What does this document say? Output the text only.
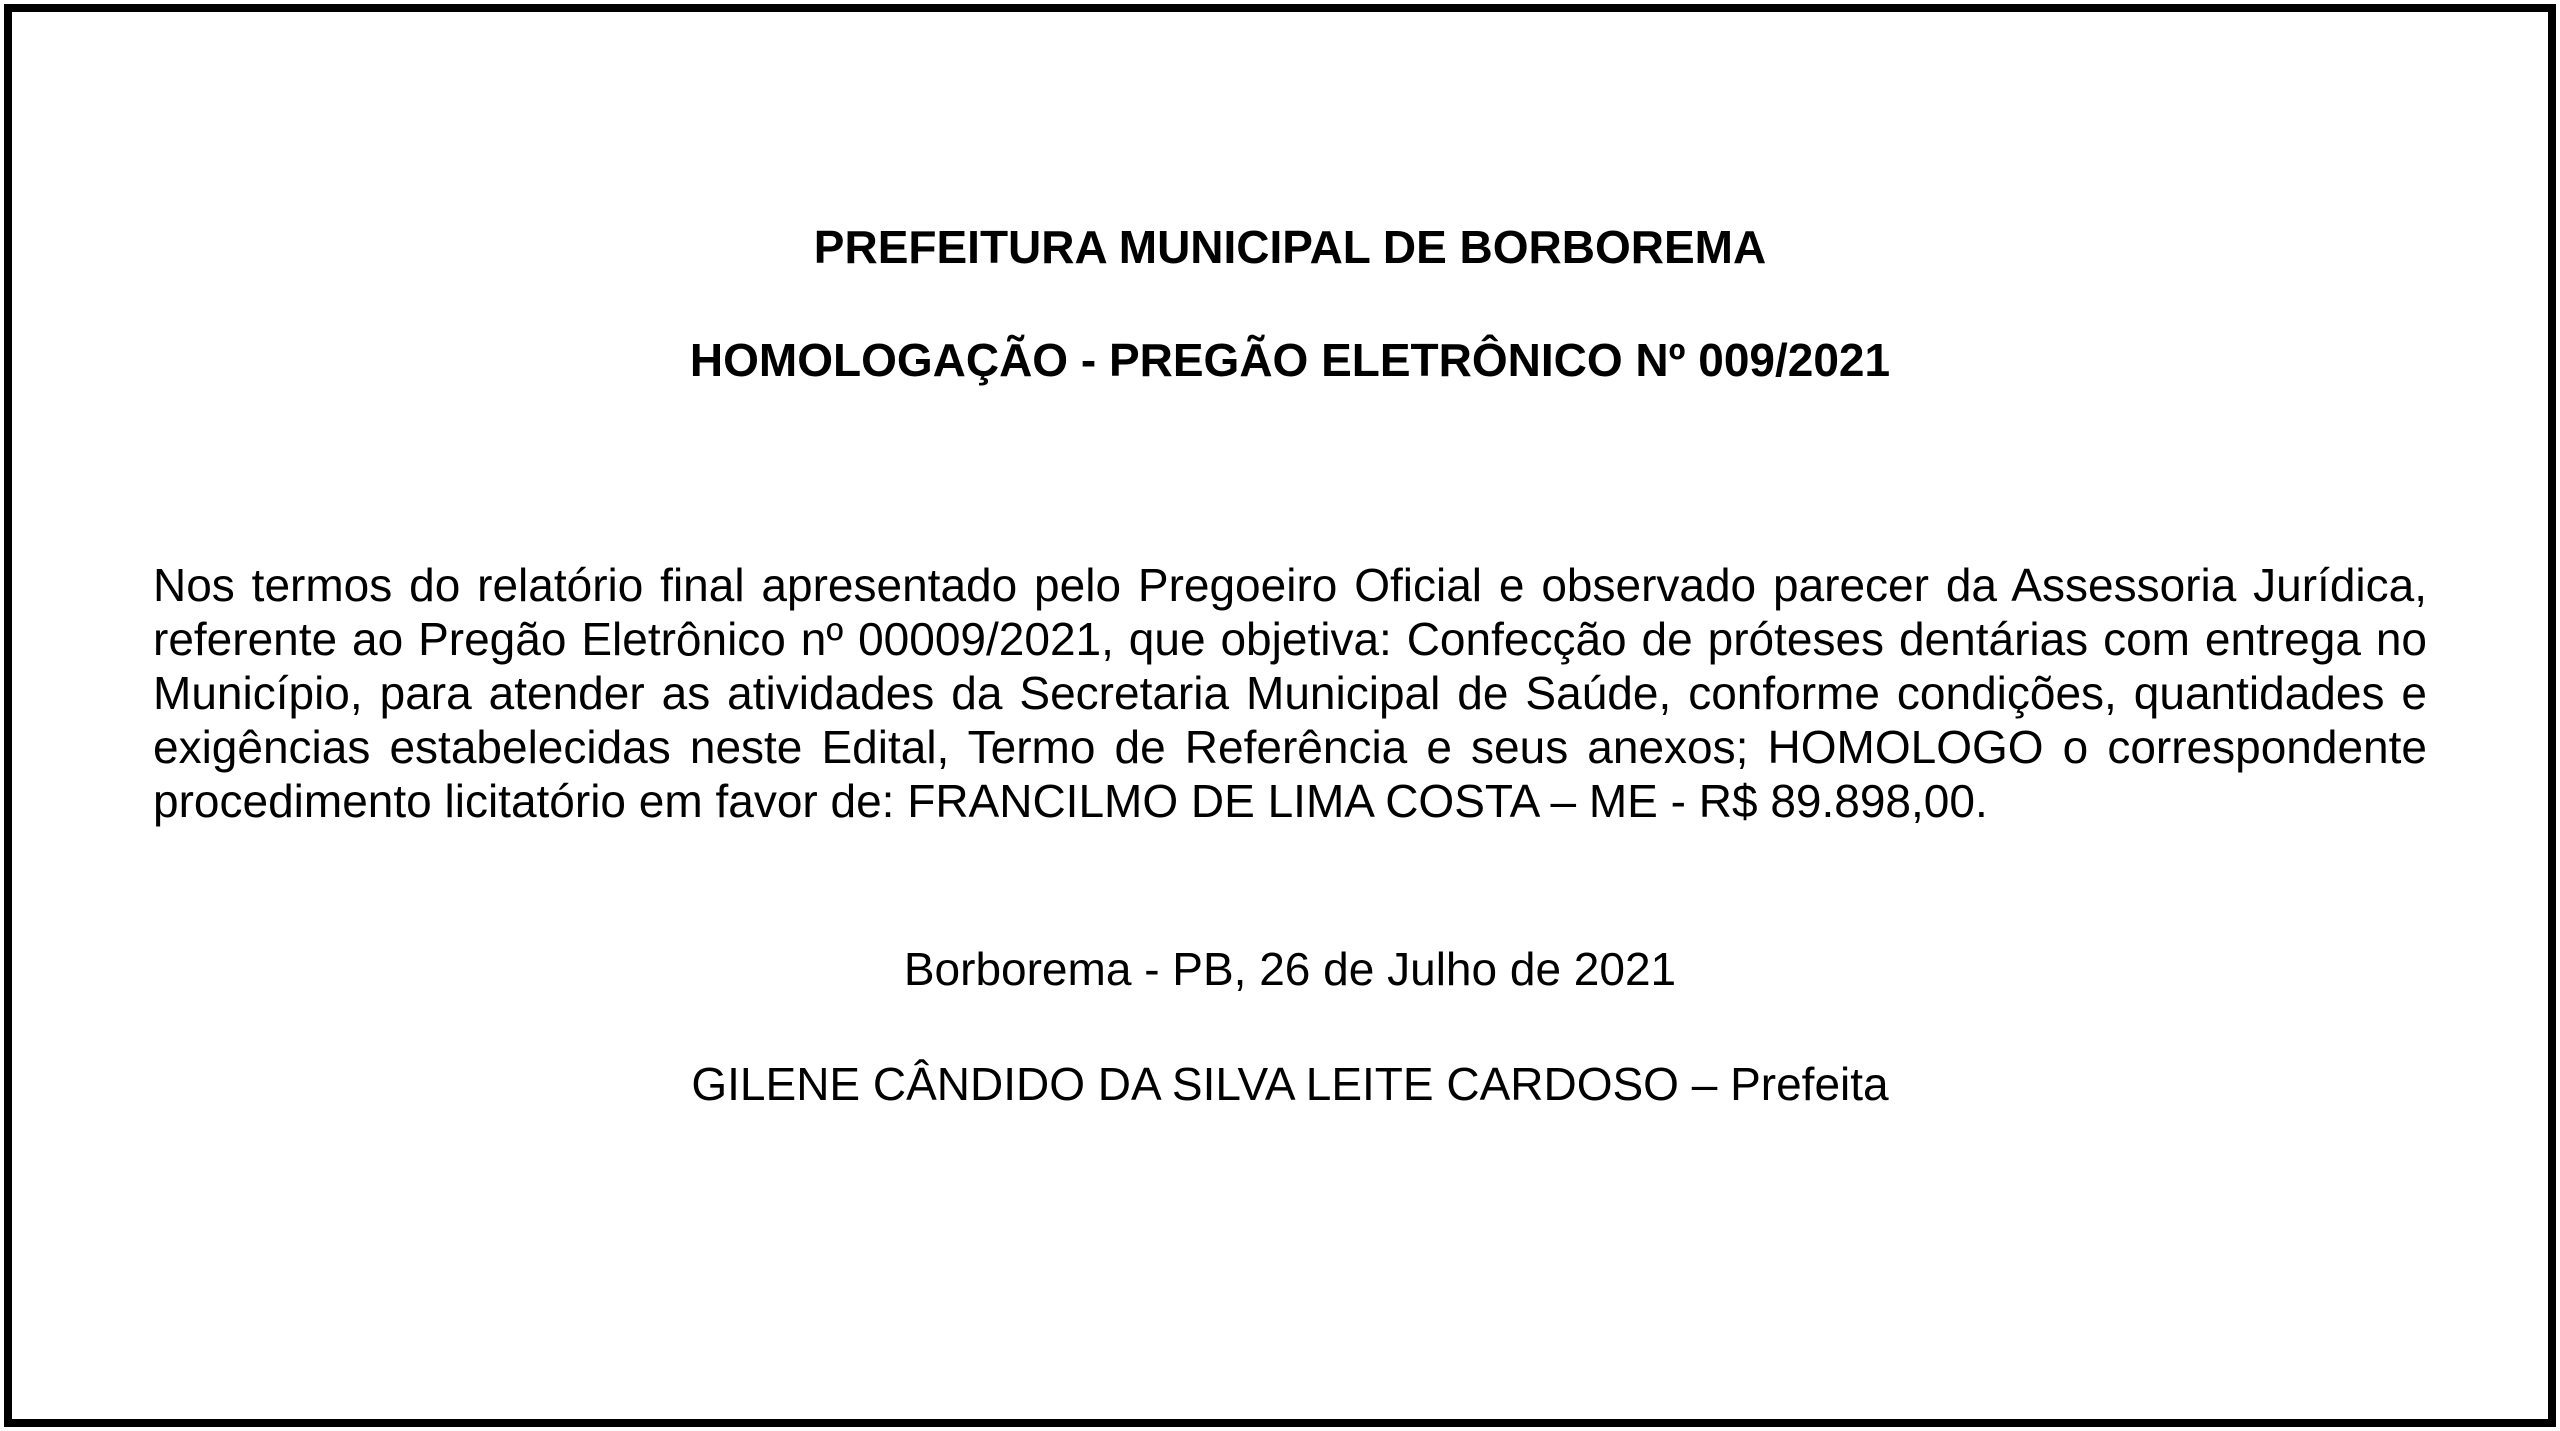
PREFEITURA MUNICIPAL DE BORBOREMA
HOMOLOGAÇÃO - PREGÃO ELETRÔNICO Nº 009/2021

Nos termos do relatório final apresentado pelo Pregoeiro Oficial e observado parecer da Assessoria Jurídica, referente ao Pregão Eletrônico nº 00009/2021, que objetiva: Confecção de próteses dentárias com entrega no Município, para atender as atividades da Secretaria Municipal de Saúde, conforme condições, quantidades e exigências estabelecidas neste Edital, Termo de Referência e seus anexos; HOMOLOGO o correspondente procedimento licitatório em favor de: FRANCILMO DE LIMA COSTA – ME - R$ 89.898,00.

Borborema - PB, 26 de Julho de 2021

GILENE CÂNDIDO DA SILVA LEITE CARDOSO – Prefeita
